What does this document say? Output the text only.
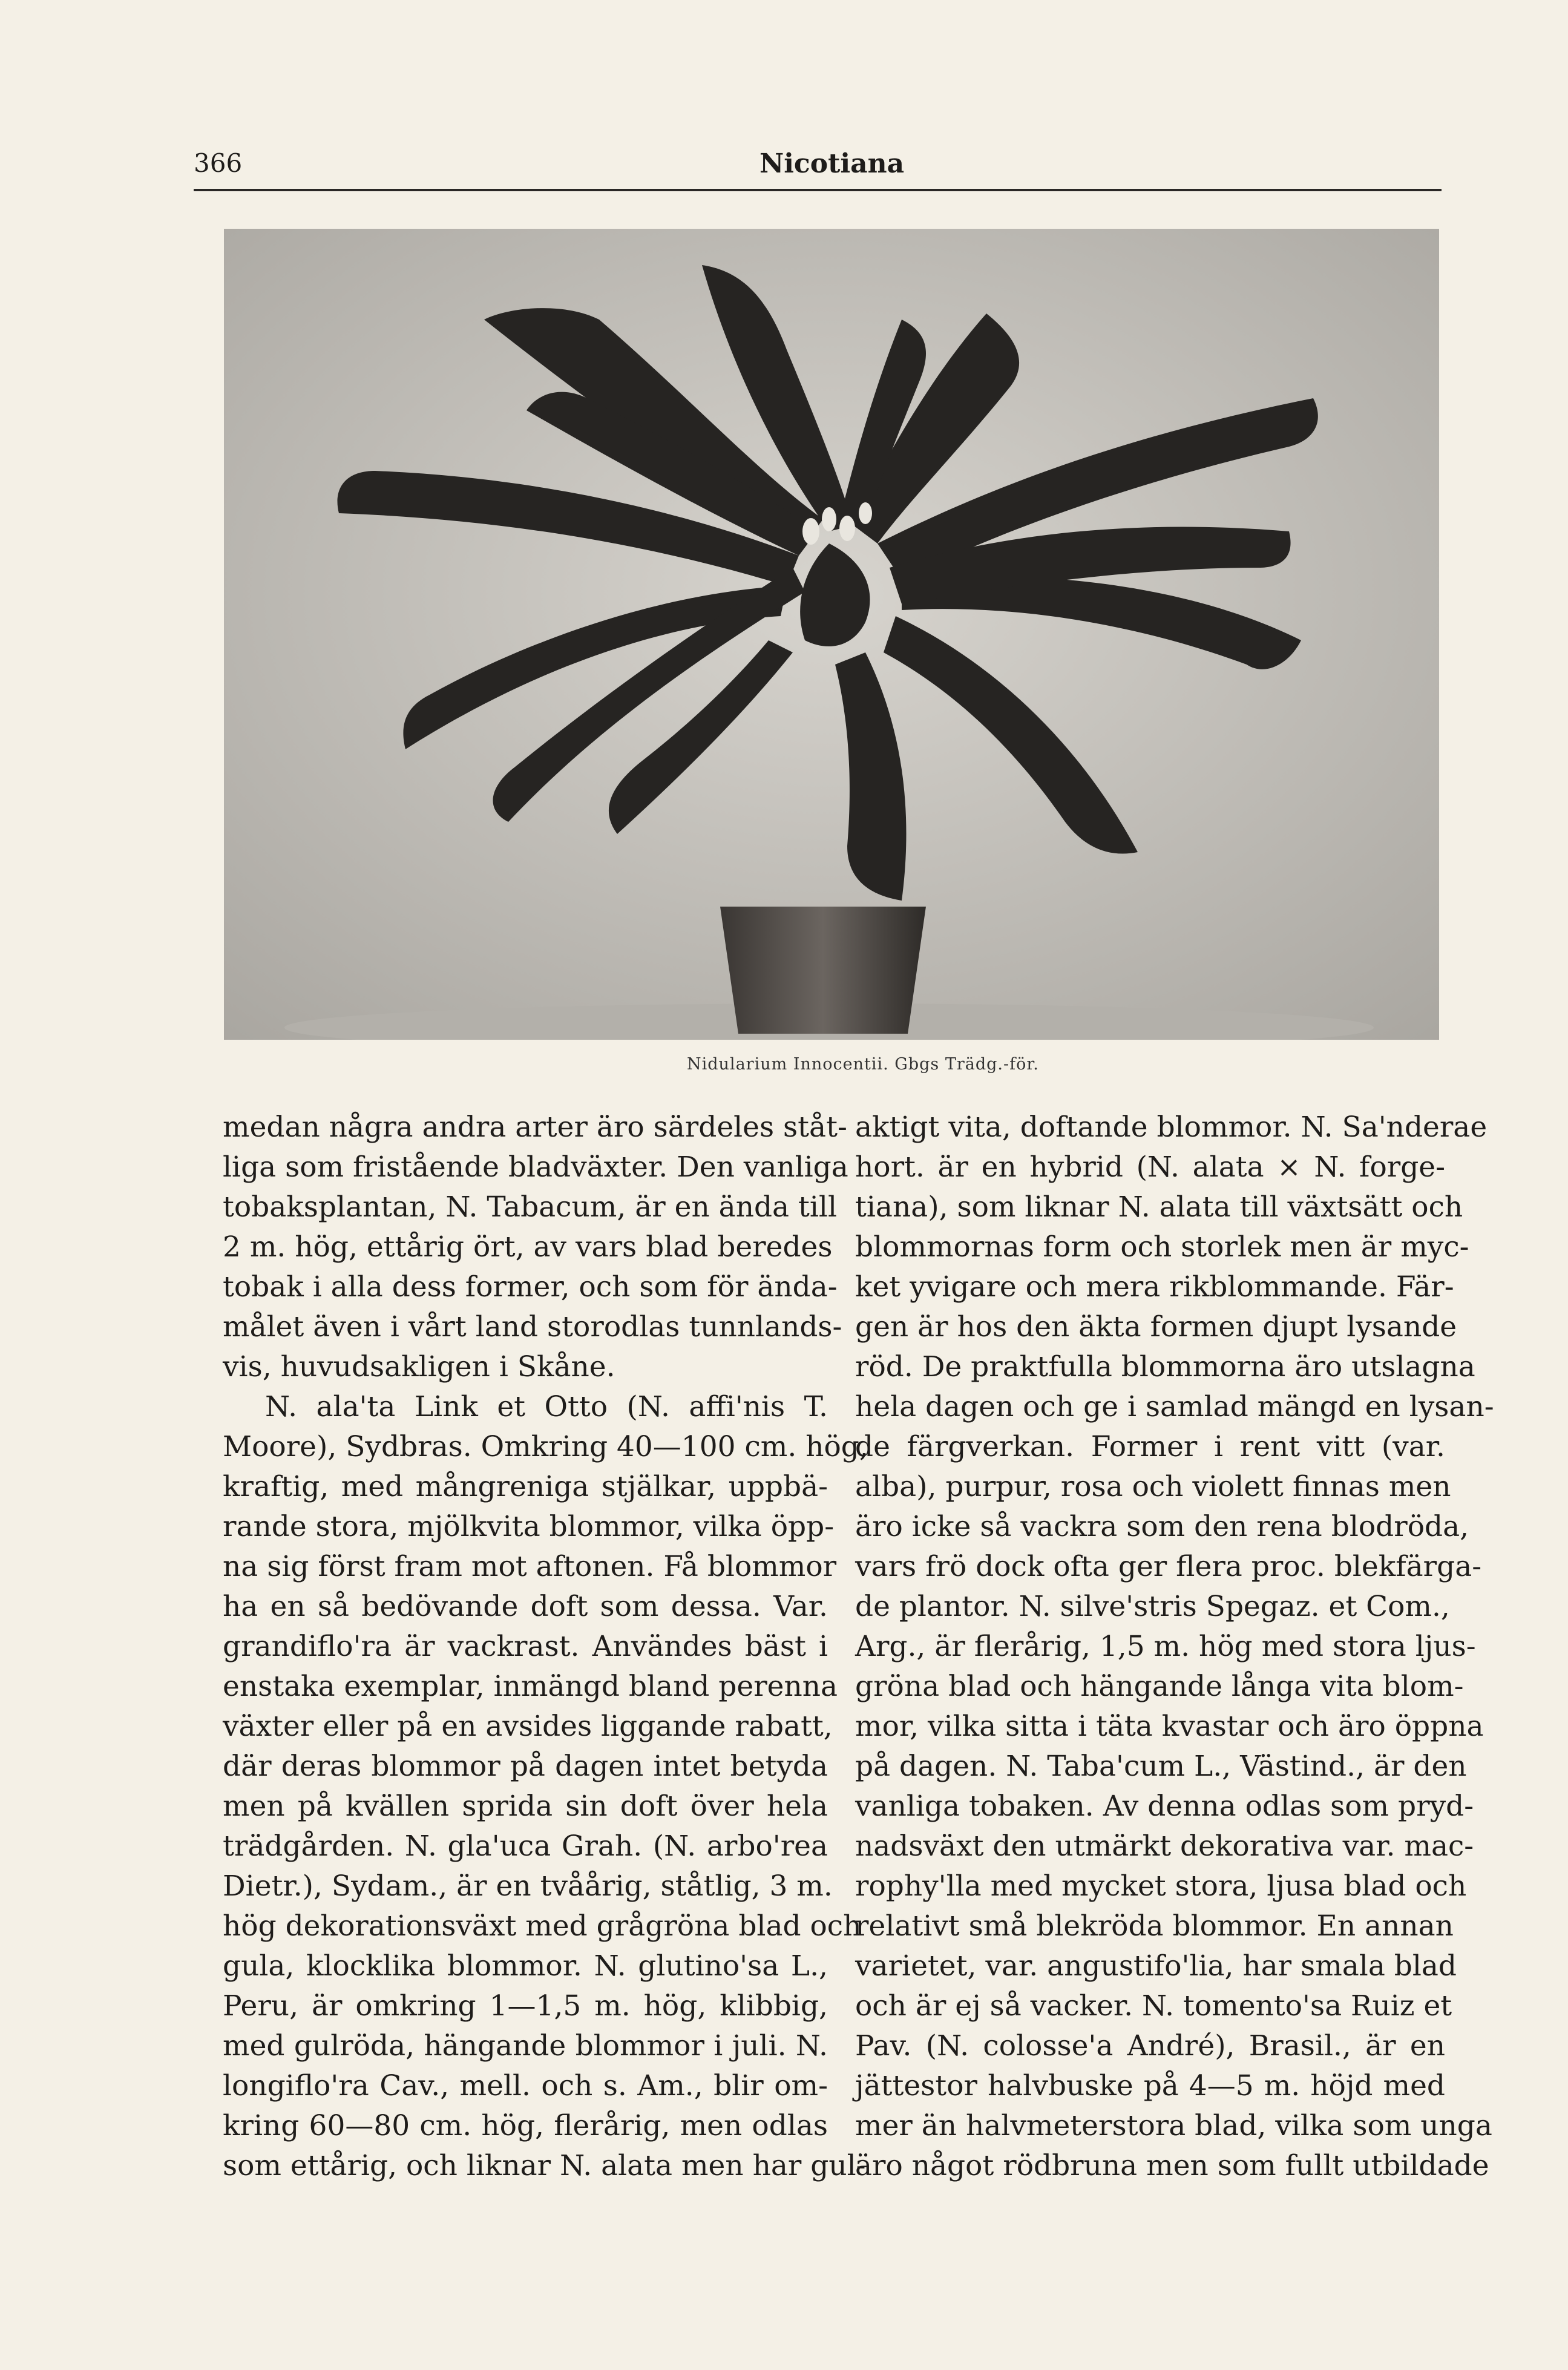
366	Nicotiana
Nidularium Innocentii. Gbgs Trädg.-för.
medan några andra arter äro särdeles ståt-
liga som fristående bladväxter. Den vanliga
tobaksplantan, N. Tabacum, är en ända till
2 m. hög, ettårig ört, av vars blad beredes
tobak i alla dess former, och som för ända-
målet även i vårt land storodlas tunnlands-
vis, huvudsakligen i Skåne.
N. ala'ta Link et Otto (N. affi'nis T.
Moore), Sydbras. Omkring 40—100 cm. hög,
kraftig, med mångreniga stjälkar, uppbä-
rande stora, mjölkvita blommor, vilka öpp-
na sig först fram mot aftonen. Få blommor
ha en så bedövande doft som dessa. Var.
grandiflo'ra är vackrast. Användes bäst i
enstaka exemplar, inmängd bland perenna
växter eller på en avsides liggande rabatt,
där deras blommor på dagen intet betyda
men på kvällen sprida sin doft över hela
trädgården. N. gla'uca Grah. (N. arbo'rea
Dietr.), Sydam., är en tvåårig, ståtlig, 3 m.
hög dekorationsväxt med grågröna blad och
gula, klocklika blommor. N. glutino'sa L.,
Peru, är omkring 1—1,5 m. hög, klibbig,
med gulröda, hängande blommor i juli. N.
longiflo'ra Cav., mell. och s. Am., blir om-
kring 60—80 cm. hög, flerårig, men odlas
som ettårig, och liknar N. alata men har gul-
aktigt vita, doftande blommor. N. Sa'nderae
hort. är en hybrid (N. alata × N. forge-
tiana), som liknar N. alata till växtsätt och
blommornas form och storlek men är myc-
ket yvigare och mera rikblommande. Fär-
gen är hos den äkta formen djupt lysande
röd. De praktfulla blommorna äro utslagna
hela dagen och ge i samlad mängd en lysan-
de färgverkan. Former i rent vitt (var.
alba), purpur, rosa och violett finnas men
äro icke så vackra som den rena blodröda,
vars frö dock ofta ger flera proc. blekfärga-
de plantor. N. silve'stris Spegaz. et Com.,
Arg., är flerårig, 1,5 m. hög med stora ljus-
gröna blad och hängande långa vita blom-
mor, vilka sitta i täta kvastar och äro öppna
på dagen. N. Taba'cum L., Västind., är den
vanliga tobaken. Av denna odlas som pryd-
nadsväxt den utmärkt dekorativa var. mac-
rophy'lla med mycket stora, ljusa blad och
relativt små blekröda blommor. En annan
varietet, var. angustifo'lia, har smala blad
och är ej så vacker. N. tomento'sa Ruiz et
Pav. (N. colosse'a André), Brasil., är en
jättestor halvbuske på 4—5 m. höjd med
mer än halvmeterstora blad, vilka som unga
äro något rödbruna men som fullt utbildade
